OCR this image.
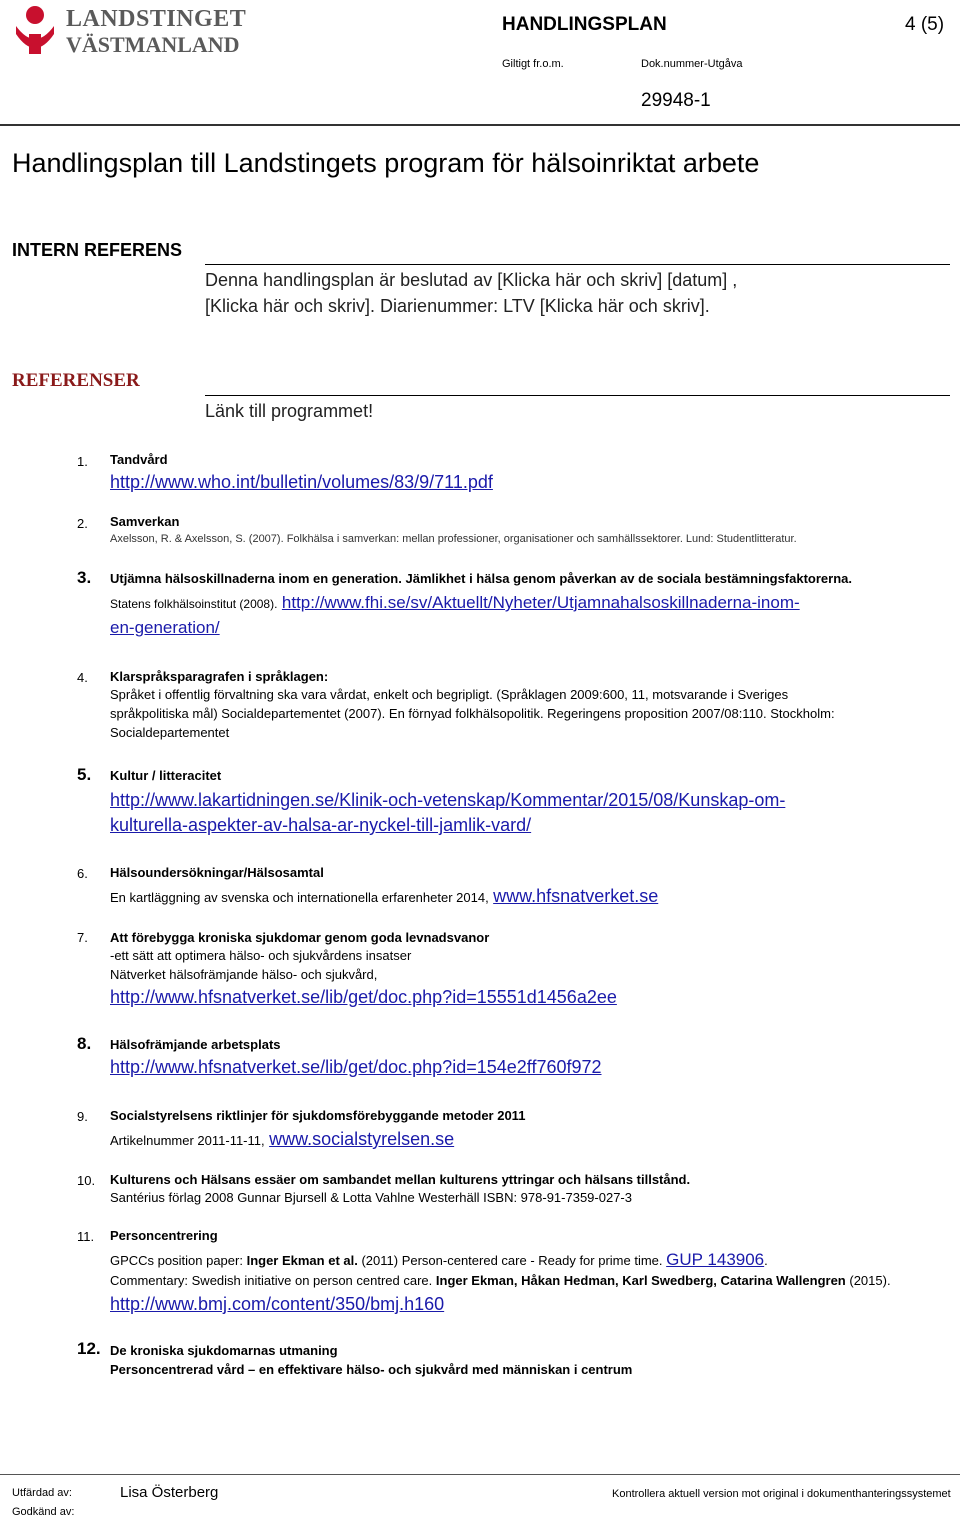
LANDSTINGET
VÄSTMANLAND
HANDLINGSPLAN	4 (5)
Giltigt fr.o.m.	Dok.nummer-Utgåva
29948-1
Handlingsplan till Landstingets program för hälsoinriktat arbete
INTERN REFERENS
Denna handlingsplan är beslutad av [Klicka här och skriv] [datum] ,
[Klicka här och skriv]. Diarienummer: LTV [Klicka här och skriv].
REFERENSER
Länk till programmet!
1. Tandvård
http://www.who.int/bulletin/volumes/83/9/711.pdf
2. Samverkan
Axelsson, R. & Axelsson, S. (2007). Folkhälsa i samverkan: mellan professioner, organisationer och samhällssektorer. Lund: Studentlitteratur.
3. Utjämna hälsoskillnaderna inom en generation. Jämlikhet i hälsa genom påverkan av de sociala bestämningsfaktorerna.
Statens folkhälsoinstitut (2008). http://www.fhi.se/sv/Aktuellt/Nyheter/Utjamnahalsoskillnaderna-inom-
en-generation/
4. Klarspråksparagrafen i språklagen:
Språket i offentlig förvaltning ska vara vårdat, enkelt och begripligt. (Språklagen 2009:600, 11, motsvarande i Sveriges
språkpolitiska mål) Socialdepartementet (2007). En förnyad folkhälsopolitik. Regeringens proposition 2007/08:110. Stockholm:
Socialdepartementet
5. Kultur / litteracitet
http://www.lakartidningen.se/Klinik-och-vetenskap/Kommentar/2015/08/Kunskap-om-
kulturella-aspekter-av-halsa-ar-nyckel-till-jamlik-vard/
6. Hälsoundersökningar/Hälsosamtal
En kartläggning av svenska och internationella erfarenheter 2014, www.hfsnatverket.se
7. Att förebygga kroniska sjukdomar genom goda levnadsvanor
-ett sätt att optimera hälso- och sjukvårdens insatser
Nätverket hälsofrämjande hälso- och sjukvård,
http://www.hfsnatverket.se/lib/get/doc.php?id=15551d1456a2ee
8. Hälsofrämjande arbetsplats
http://www.hfsnatverket.se/lib/get/doc.php?id=154e2ff760f972
9. Socialstyrelsens riktlinjer för sjukdomsförebyggande metoder 2011
Artikelnummer 2011-11-11, www.socialstyrelsen.se
10. Kulturens och Hälsans essäer om sambandet mellan kulturens yttringar och hälsans tillstånd.
Santérius förlag 2008 Gunnar Bjursell & Lotta Vahlne Westerhäll ISBN: 978-91-7359-027-3
11. Personcentrering
GPCCs position paper: Inger Ekman et al. (2011) Person-centered care - Ready for prime time. GUP 143906.
Commentary: Swedish initiative on person centred care. Inger Ekman, Håkan Hedman, Karl Swedberg, Catarina Wallengren (2015).
http://www.bmj.com/content/350/bmj.h160
12. De kroniska sjukdomarnas utmaning
Personcentrerad vård – en effektivare hälso- och sjukvård med människan i centrum
Utfärdad av:
Godkänd av:
Lisa Österberg	Kontrollera aktuell version mot original i dokumenthanteringssystemet
